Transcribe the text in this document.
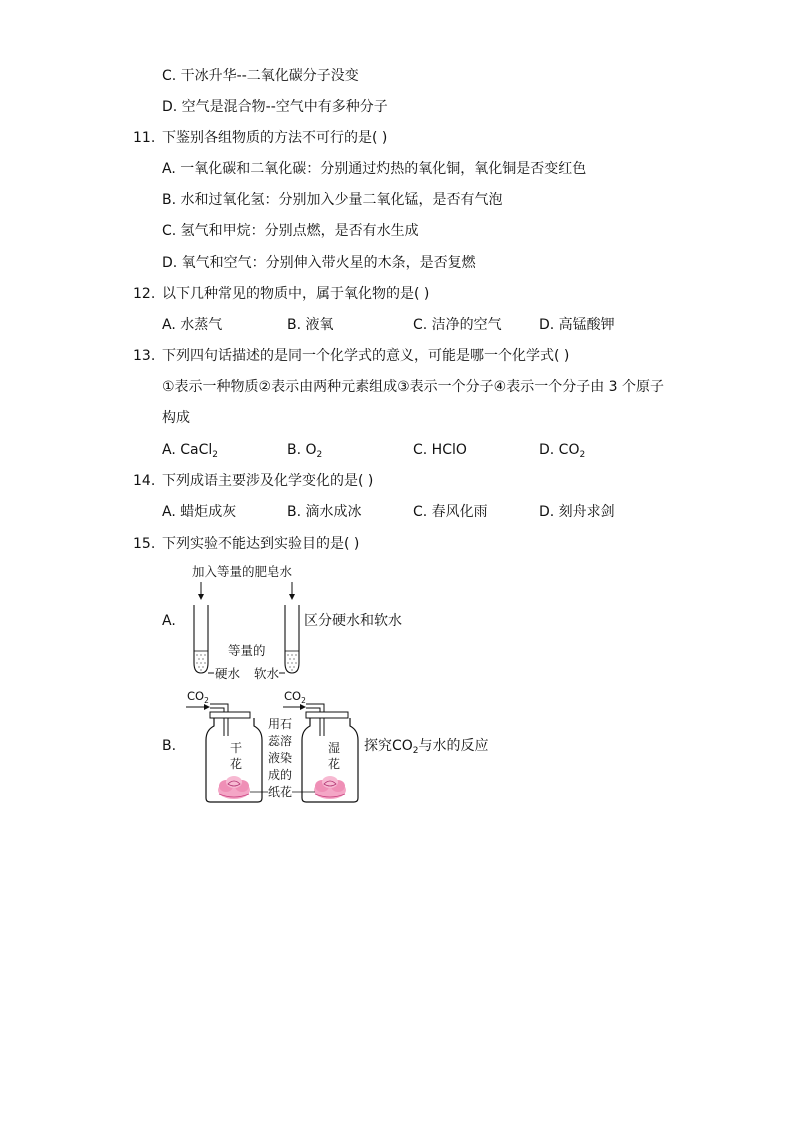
C. 干冰升华--二氧化碳分子没变
D. 空气是混合物--空气中有多种分子
11. 下鉴别各组物质的方法不可行的是( )
A. 一氧化碳和二氧化碳：分别通过灼热的氧化铜，氧化铜是否变红色
B. 水和过氧化氢：分别加入少量二氧化锰，是否有气泡
C. 氢气和甲烷：分别点燃，是否有水生成
D. 氧气和空气：分别伸入带火星的木条，是否复燃
12. 以下几种常见的物质中，属于氧化物的是( )
A. 水蒸气	B. 液氧	C. 洁净的空气	D. 高锰酸钾
13. 下列四句话描述的是同一个化学式的意义，可能是哪一个化学式( )
①表示一种物质②表示由两种元素组成③表示一个分子④表示一个分子由 3 个原子
构成
A. CaCl$_2$	B. $O_2$	C. HClO	D. $CO_2$
14. 下列成语主要涉及化学变化的是( )
A. 蜡炬成灰	B. 滴水成冰	C. 春风化雨	D. 刻舟求剑
15. 下列实验不能达到实验目的是( )
A.	区分硬水和软水
加入等量的肥皂水
等量的
硬水 软水
B.	探究$CO_2$与水的反应
$CO_2$
干
花
$CO_2$
湿
花
用石
蕊溶
液染
成的
纸花
